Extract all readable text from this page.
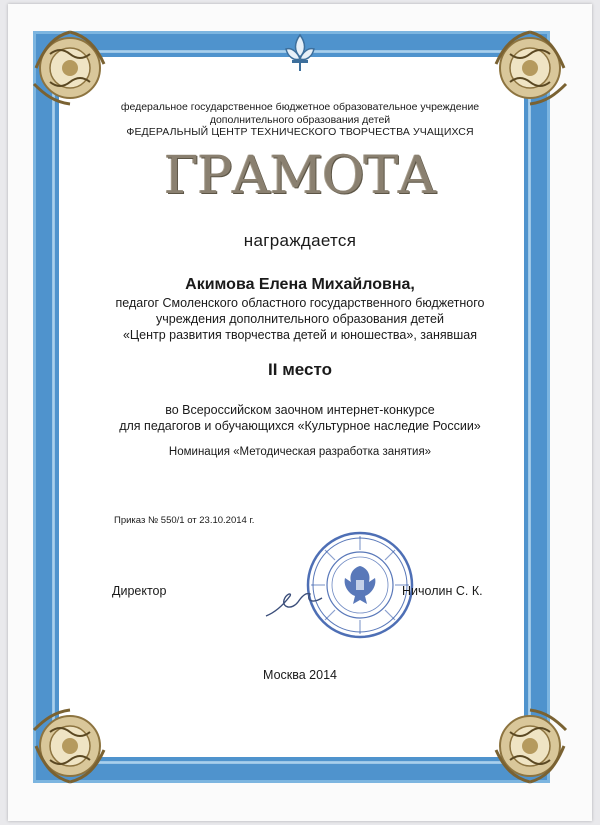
федеральное государственное бюджетное образовательное учреждение
дополнительного образования детей
ФЕДЕРАЛЬНЫЙ ЦЕНТР ТЕХНИЧЕСКОГО ТВОРЧЕСТВА УЧАЩИХСЯ
ГРАМОТА
награждается
Акимова Елена Михайловна,
педагог Смоленского областного государственного бюджетного
учреждения дополнительного образования детей
«Центр развития творчества детей и юношества», занявшая
II место
во Всероссийском заочном интернет-конкурсе
для педагогов и обучающихся «Культурное наследие России»
Номинация «Методическая разработка занятия»
Приказ № 550/1 от 23.10.2014 г.
Директор	Ничолин С. К.
Москва 2014
